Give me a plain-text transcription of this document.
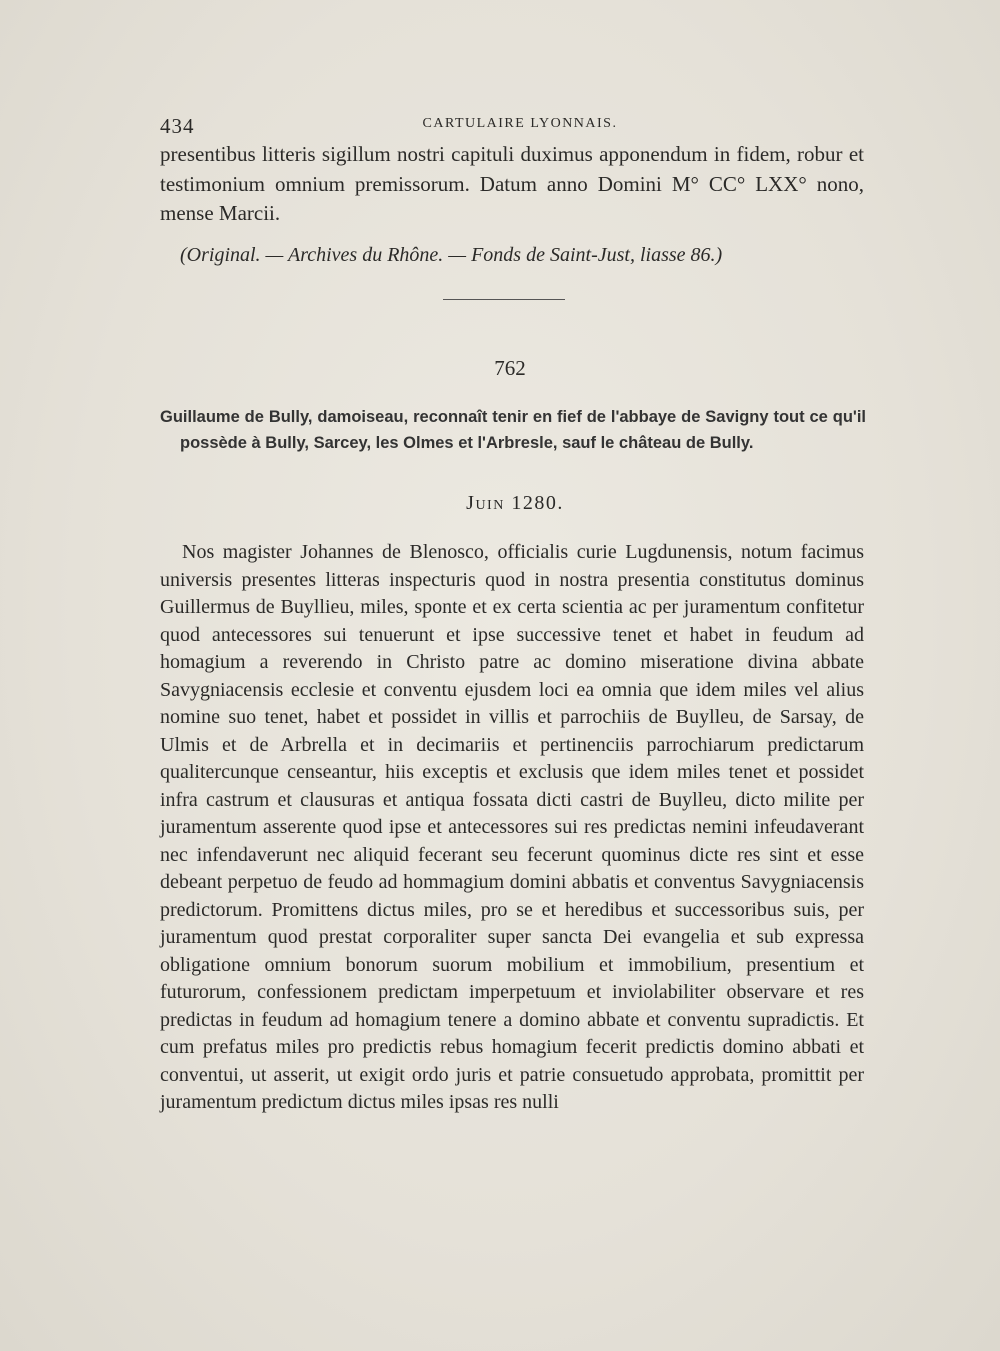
434	CARTULAIRE LYONNAIS.

presentibus litteris sigillum nostri capituli duximus apponendum in fidem, robur et testimonium omnium premissorum. Datum anno Domini M° CC° LXX° nono, mense Marcii.

(Original. — Archives du Rhône. — Fonds de Saint-Just, liasse 86.)
762

Guillaume de Bully, damoiseau, reconnaît tenir en fief de l'abbaye de Savigny tout ce qu'il possède à Bully, Sarcey, les Olmes et l'Arbresle, sauf le château de Bully.

Juin 1280.

Nos magister Johannes de Blenosco, officialis curie Lugdunensis, notum facimus universis presentes litteras inspecturis quod in nostra presentia constitutus dominus Guillermus de Buyllieu, miles, sponte et ex certa scientia ac per juramentum confitetur quod antecessores sui tenuerunt et ipse successive tenet et habet in feudum ad homagium a reverendo in Christo patre ac domino miseratione divina abbate Savygniacensis ecclesie et conventu ejusdem loci ea omnia que idem miles vel alius nomine suo tenet, habet et possidet in villis et parrochiis de Buylleu, de Sarsay, de Ulmis et de Arbrella et in decimariis et pertinenciis parrochiarum predictarum qualitercunque censeantur, hiis exceptis et exclusis que idem miles tenet et possidet infra castrum et clausuras et antiqua fossata dicti castri de Buylleu, dicto milite per juramentum asserente quod ipse et antecessores sui res predictas nemini infeudaverant nec infendaverunt nec aliquid fecerant seu fecerunt quominus dicte res sint et esse debeant perpetuo de feudo ad hommagium domini abbatis et conventus Savygniacensis predictorum. Promittens dictus miles, pro se et heredibus et successoribus suis, per juramentum quod prestat corporaliter super sancta Dei evangelia et sub expressa obligatione omnium bonorum suorum mobilium et immobilium, presentium et futurorum, confessionem predictam imperpetuum et inviolabiliter observare et res predictas in feudum ad homagium tenere a domino abbate et conventu supradictis. Et cum prefatus miles pro predictis rebus homagium fecerit predictis domino abbati et conventui, ut asserit, ut exigit ordo juris et patrie consuetudo approbata, promittit per juramentum predictum dictus miles ipsas res nulli
